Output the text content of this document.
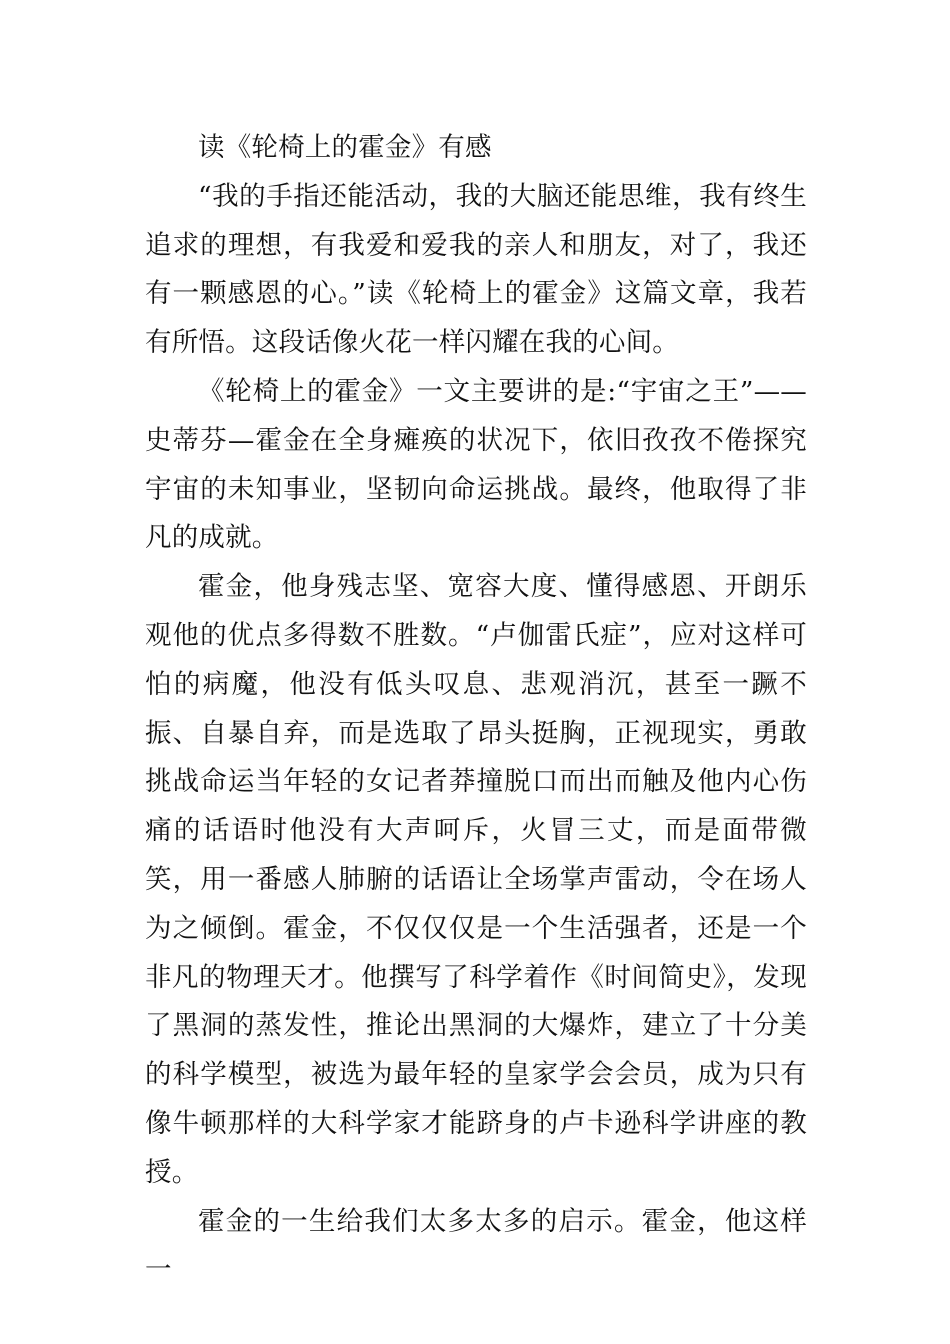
读《轮椅上的霍金》有感

“我的手指还能活动，我的大脑还能思维，我有终生追求的理想，有我爱和爱我的亲人和朋友，对了，我还有一颗感恩的心。”读《轮椅上的霍金》这篇文章，我若有所悟。这段话像火花一样闪耀在我的心间。

《轮椅上的霍金》一文主要讲的是:“宇宙之王”——史蒂芬—霍金在全身瘫痪的状况下，依旧孜孜不倦探究宇宙的未知事业，坚韧向命运挑战。最终，他取得了非凡的成就。

霍金，他身残志坚、宽容大度、懂得感恩、开朗乐观他的优点多得数不胜数。“卢伽雷氏症”，应对这样可怕的病魔，他没有低头叹息、悲观消沉，甚至一蹶不振、自暴自弃，而是选取了昂头挺胸，正视现实，勇敢挑战命运当年轻的女记者莽撞脱口而出而触及他内心伤痛的话语时他没有大声呵斥，火冒三丈，而是面带微笑，用一番感人肺腑的话语让全场掌声雷动，令在场人为之倾倒。霍金，不仅仅仅是一个生活强者，还是一个非凡的物理天才。他撰写了科学着作《时间简史》，发现了黑洞的蒸发性，推论出黑洞的大爆炸，建立了十分美的科学模型，被选为最年轻的皇家学会会员，成为只有像牛顿那样的大科学家才能跻身的卢卡逊科学讲座的教授。

霍金的一生给我们太多太多的启示。霍金，他这样一
